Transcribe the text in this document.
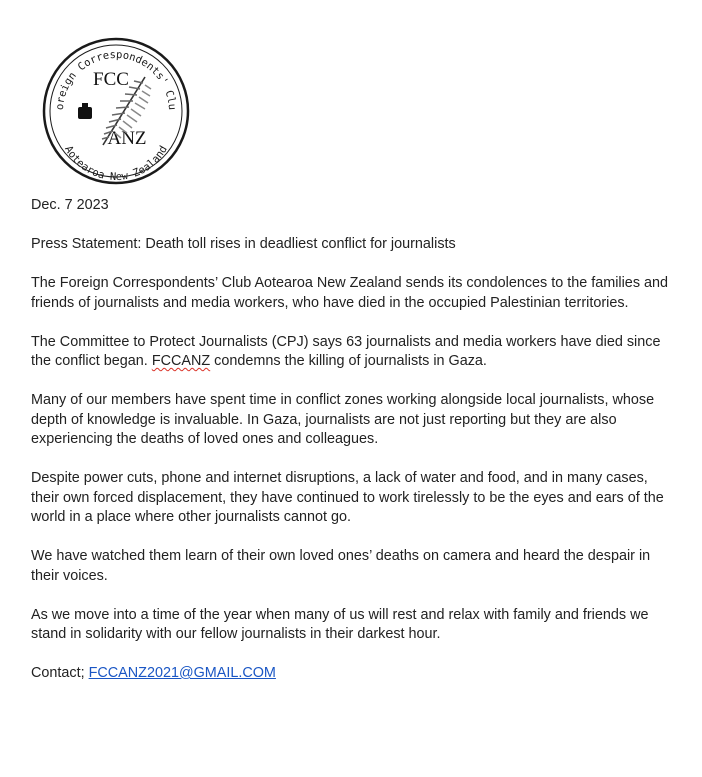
oreign Correspondents' Clu
Aotearoa New Zealand
FCC
ANZ

Dec. 7 2023

Press Statement: Death toll rises in deadliest conflict for journalists

The Foreign Correspondents’ Club Aotearoa New Zealand sends its condolences to the families and friends of journalists and media workers, who have died in the occupied Palestinian territories.

The Committee to Protect Journalists (CPJ) says 63 journalists and media workers have died since the conflict began. FCCANZ condemns the killing of journalists in Gaza.

Many of our members have spent time in conflict zones working alongside local journalists, whose depth of knowledge is invaluable. In Gaza, journalists are not just reporting but they are also experiencing the deaths of loved ones and colleagues.

Despite power cuts, phone and internet disruptions, a lack of water and food, and in many cases, their own forced displacement, they have continued to work tirelessly to be the eyes and ears of the world in a place where other journalists cannot go.

We have watched them learn of their own loved ones’ deaths on camera and heard the despair in their voices.

As we move into a time of the year when many of us will rest and relax with family and friends we stand in solidarity with our fellow journalists in their darkest hour.

Contact; FCCANZ2021@GMAIL.COM
